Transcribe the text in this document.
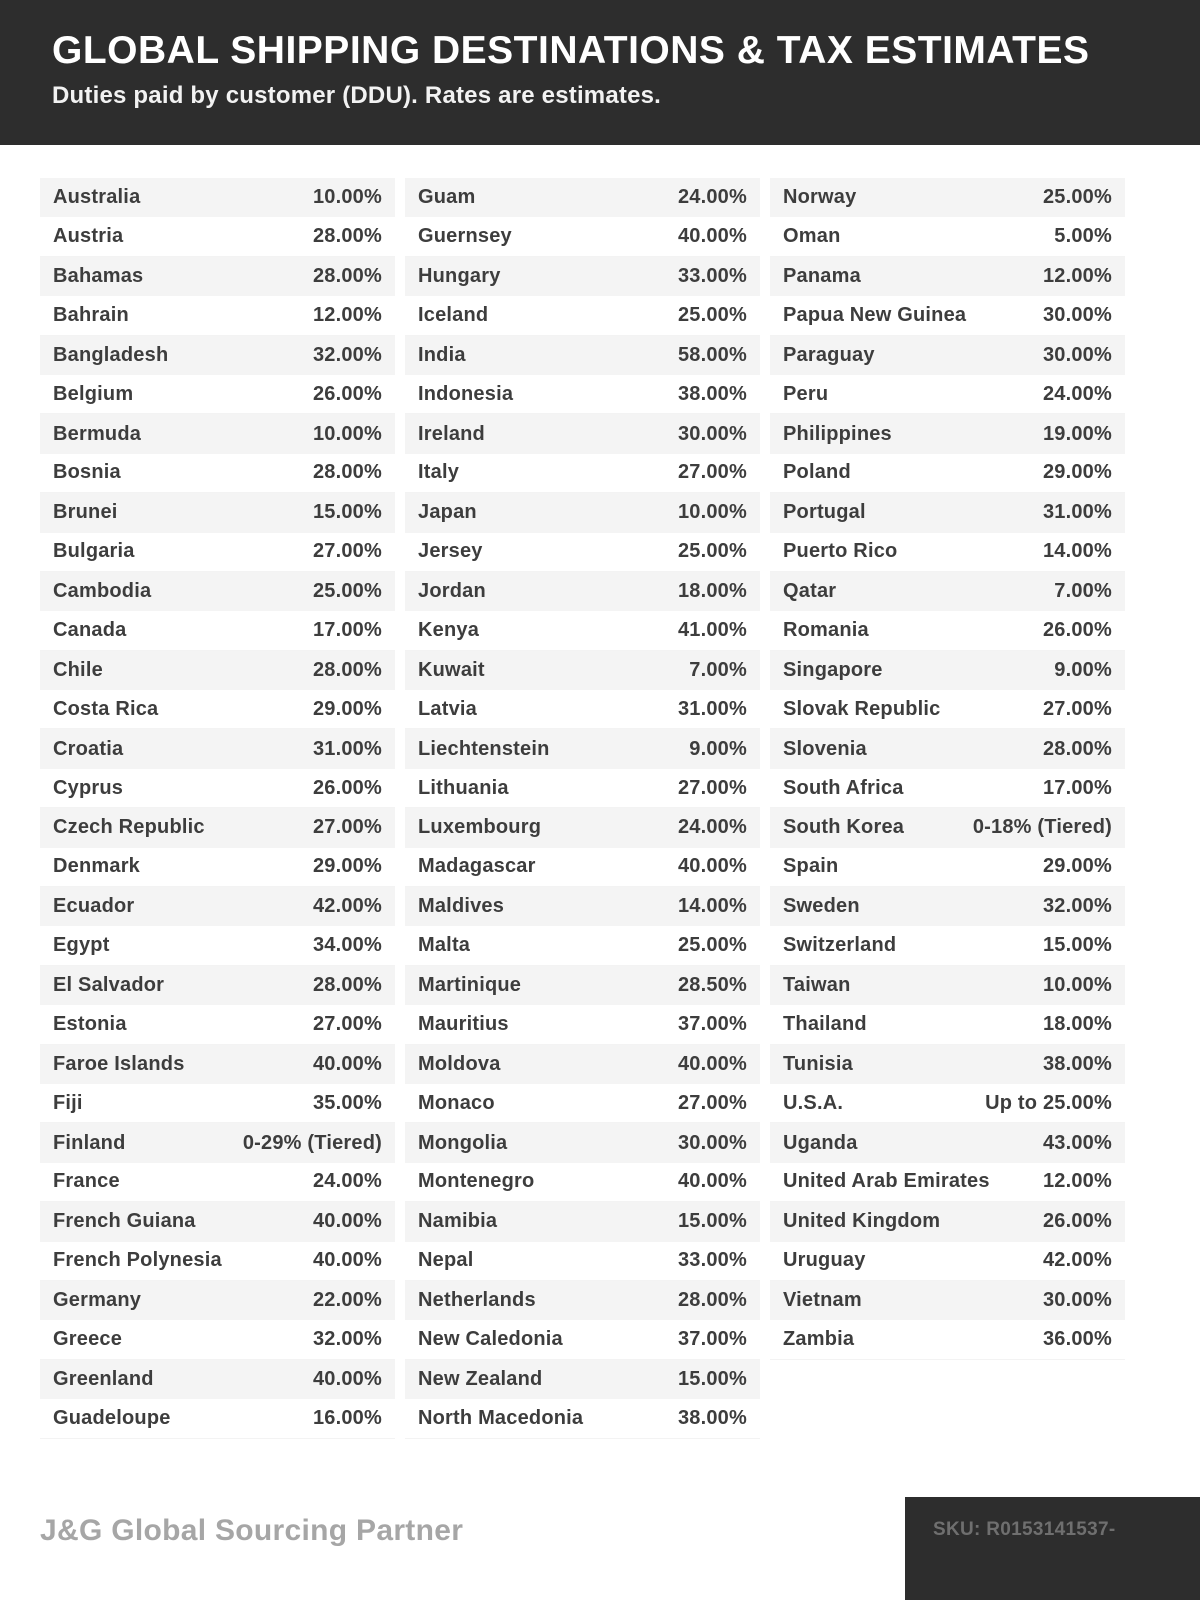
GLOBAL SHIPPING DESTINATIONS & TAX ESTIMATES

Duties paid by customer (DDU). Rates are estimates.

Australia	10.00%
Austria	28.00%
Bahamas	28.00%
Bahrain	12.00%
Bangladesh	32.00%
Belgium	26.00%
Bermuda	10.00%
Bosnia	28.00%
Brunei	15.00%
Bulgaria	27.00%
Cambodia	25.00%
Canada	17.00%
Chile	28.00%
Costa Rica	29.00%
Croatia	31.00%
Cyprus	26.00%
Czech Republic	27.00%
Denmark	29.00%
Ecuador	42.00%
Egypt	34.00%
El Salvador	28.00%
Estonia	27.00%
Faroe Islands	40.00%
Fiji	35.00%
Finland	0-29% (Tiered)
France	24.00%
French Guiana	40.00%
French Polynesia	40.00%
Germany	22.00%
Greece	32.00%
Greenland	40.00%
Guadeloupe	16.00%
Guam	24.00%
Guernsey	40.00%
Hungary	33.00%
Iceland	25.00%
India	58.00%
Indonesia	38.00%
Ireland	30.00%
Italy	27.00%
Japan	10.00%
Jersey	25.00%
Jordan	18.00%
Kenya	41.00%
Kuwait	7.00%
Latvia	31.00%
Liechtenstein	9.00%
Lithuania	27.00%
Luxembourg	24.00%
Madagascar	40.00%
Maldives	14.00%
Malta	25.00%
Martinique	28.50%
Mauritius	37.00%
Moldova	40.00%
Monaco	27.00%
Mongolia	30.00%
Montenegro	40.00%
Namibia	15.00%
Nepal	33.00%
Netherlands	28.00%
New Caledonia	37.00%
New Zealand	15.00%
North Macedonia	38.00%
Norway	25.00%
Oman	5.00%
Panama	12.00%
Papua New Guinea	30.00%
Paraguay	30.00%
Peru	24.00%
Philippines	19.00%
Poland	29.00%
Portugal	31.00%
Puerto Rico	14.00%
Qatar	7.00%
Romania	26.00%
Singapore	9.00%
Slovak Republic	27.00%
Slovenia	28.00%
South Africa	17.00%
South Korea	0-18% (Tiered)
Spain	29.00%
Sweden	32.00%
Switzerland	15.00%
Taiwan	10.00%
Thailand	18.00%
Tunisia	38.00%
U.S.A.	Up to 25.00%
Uganda	43.00%
United Arab Emirates	12.00%
United Kingdom	26.00%
Uruguay	42.00%
Vietnam	30.00%
Zambia	36.00%
J&G Global Sourcing Partner	SKU: R0153141537-
